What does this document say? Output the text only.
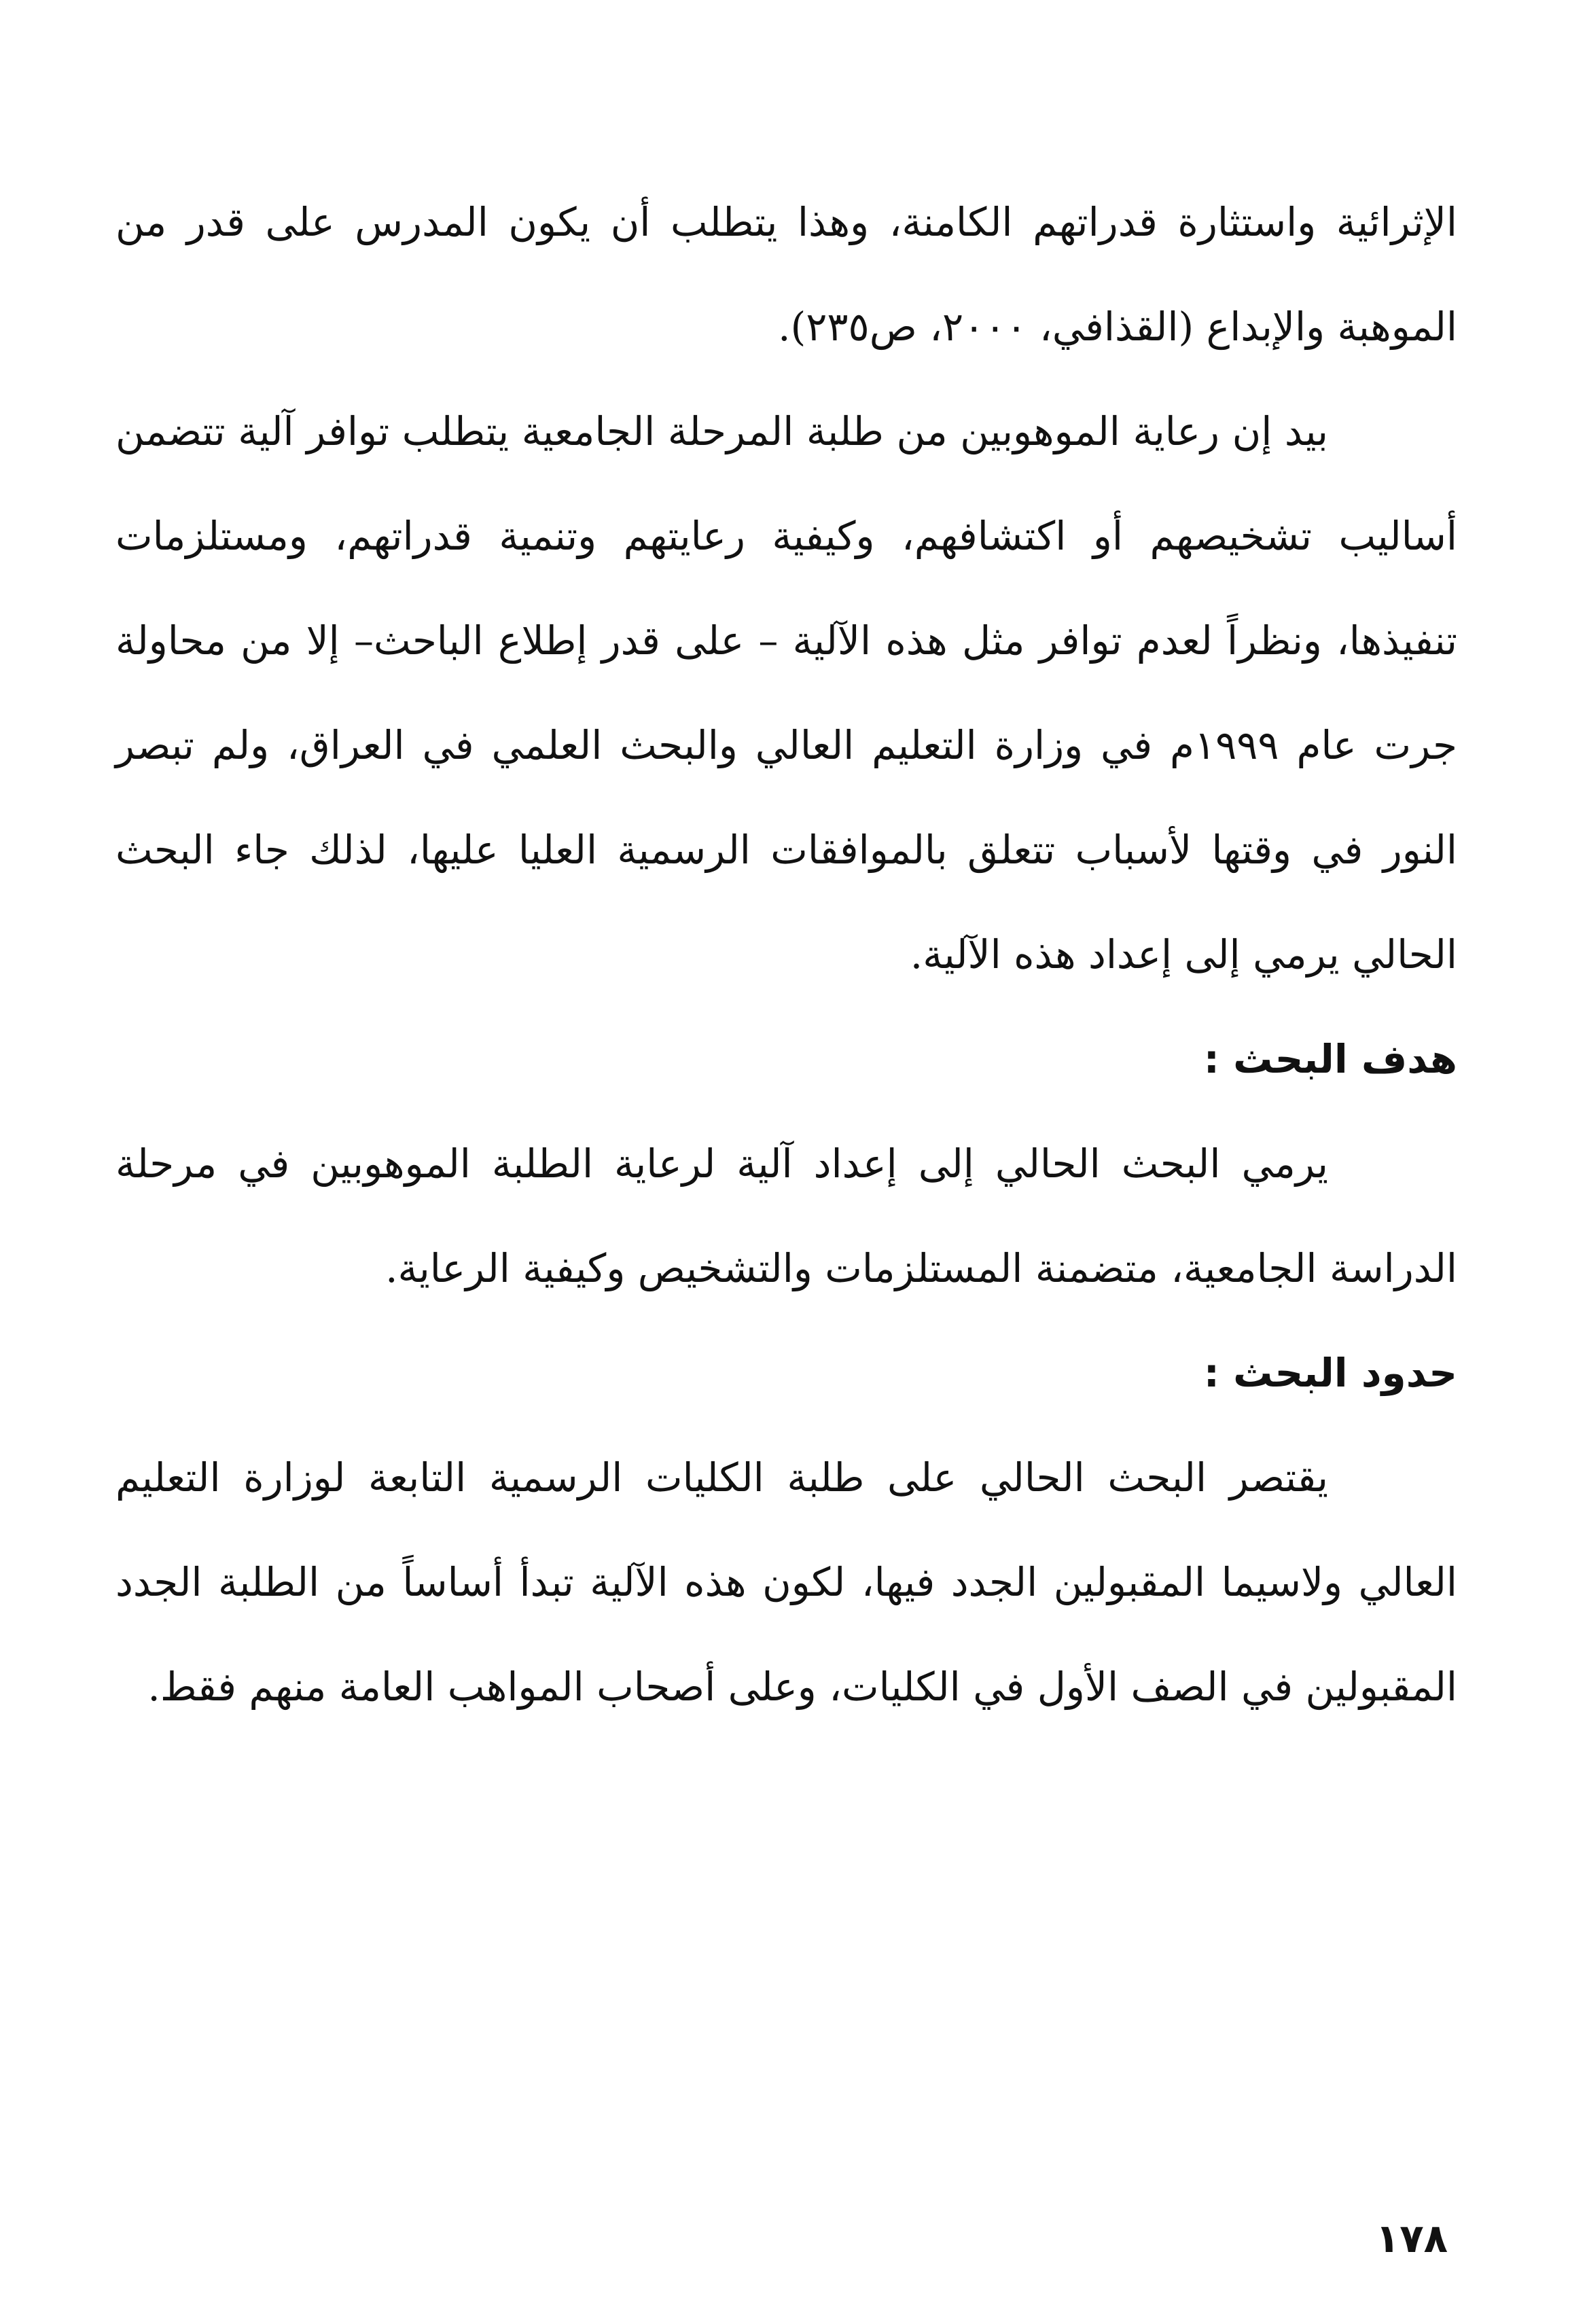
الإثرائية واستثارة قدراتهم الكامنة، وهذا يتطلب أن يكون المدرس على قدر من الموهبة والإبداع (القذافي، ٢٠٠٠، ص٢٣٥).

بيد إن رعاية الموهوبين من طلبة المرحلة الجامعية يتطلب توافر آلية تتضمن أساليب تشخيصهم أو اكتشافهم، وكيفية رعايتهم وتنمية قدراتهم، ومستلزمات تنفيذها، ونظراً لعدم توافر مثل هذه الآلية – على قدر إطلاع الباحث– إلا من محاولة جرت عام ١٩٩٩م في وزارة التعليم العالي والبحث العلمي في العراق، ولم تبصر النور في وقتها لأسباب تتعلق بالموافقات الرسمية العليا عليها، لذلك جاء البحث الحالي يرمي إلى إعداد هذه الآلية.

هدف البحث :

يرمي البحث الحالي إلى إعداد آلية لرعاية الطلبة الموهوبين في مرحلة الدراسة الجامعية، متضمنة المستلزمات والتشخيص وكيفية الرعاية.

حدود البحث :

يقتصر البحث الحالي على طلبة الكليات الرسمية التابعة لوزارة التعليم العالي ولاسيما المقبولين الجدد فيها، لكون هذه الآلية تبدأ أساساً من الطلبة الجدد المقبولين في الصف الأول في الكليات، وعلى أصحاب المواهب العامة منهم فقط.

١٧٨
